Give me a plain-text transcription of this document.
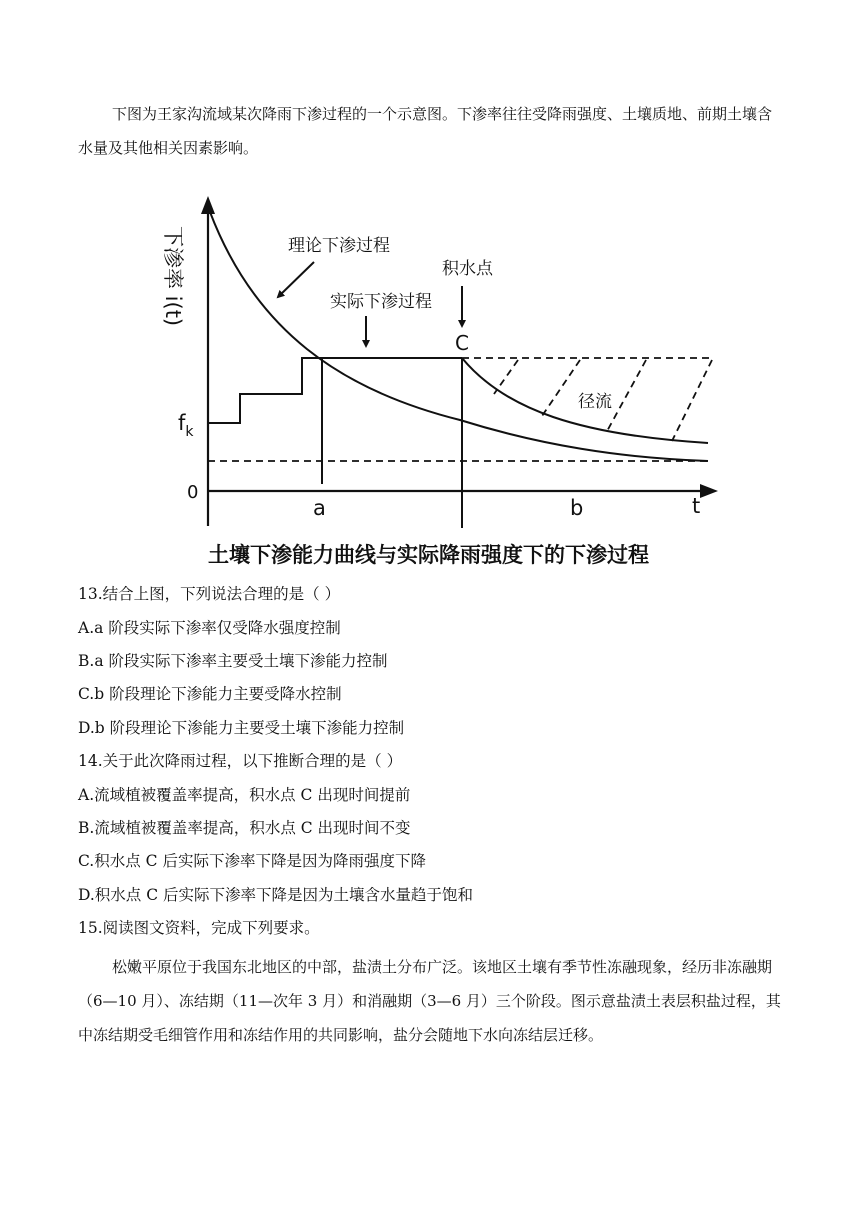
下图为王家沟流域某次降雨下渗过程的一个示意图。下渗率往往受降雨强度、土壤质地、前期土壤含水量及其他相关因素影响。

下渗率 i(t)
$f_k$
0
t
理论下渗过程
实际下渗过程
积水点
C
径流
a	b
土壤下渗能力曲线与实际降雨强度下的下渗过程
13.结合上图，下列说法合理的是（ ）
A.a 阶段实际下渗率仅受降水强度控制
B.a 阶段实际下渗率主要受土壤下渗能力控制
C.b 阶段理论下渗能力主要受降水控制
D.b 阶段理论下渗能力主要受土壤下渗能力控制
14.关于此次降雨过程，以下推断合理的是（ ）
A.流域植被覆盖率提高，积水点 C 出现时间提前
B.流域植被覆盖率提高，积水点 C 出现时间不变
C.积水点 C 后实际下渗率下降是因为降雨强度下降
D.积水点 C 后实际下渗率下降是因为土壤含水量趋于饱和
15.阅读图文资料，完成下列要求。

松嫩平原位于我国东北地区的中部，盐渍土分布广泛。该地区土壤有季节性冻融现象，经历非冻融期（6—10 月）、冻结期（11—次年 3 月）和消融期（3—6 月）三个阶段。图示意盐渍土表层积盐过程，其中冻结期受毛细管作用和冻结作用的共同影响，盐分会随地下水向冻结层迁移。
